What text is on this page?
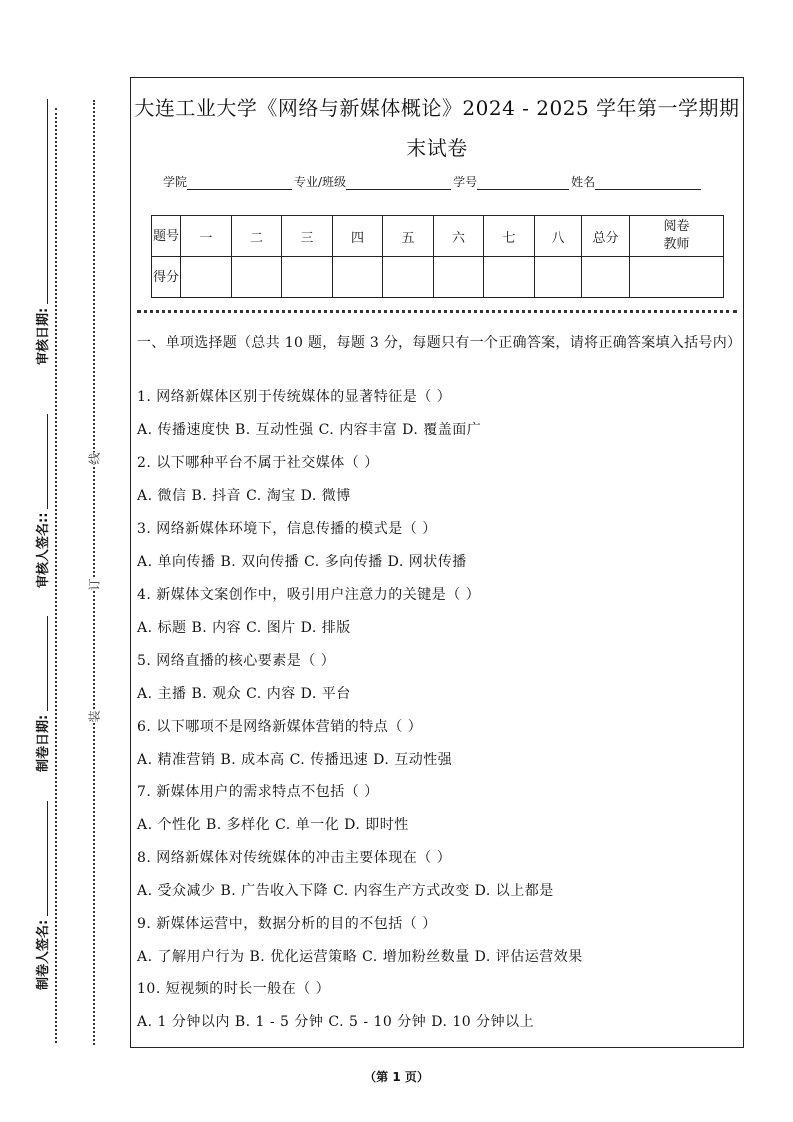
审核日期:
审核人签名::
制卷日期:
制卷人签名:
线
订
装
大连工业大学《网络与新媒体概论》2024 - 2025 学年第一学期期
末试卷
学院	专业/班级	学号	姓名
题号	一	二	三	四	五	六	七	八	总分	阅卷教师
得分										
一、单项选择题（总共 10 题，每题 3 分，每题只有一个正确答案，请将正确答案填入括号内）
1. 网络新媒体区别于传统媒体的显著特征是（ ）
A. 传播速度快 B. 互动性强 C. 内容丰富 D. 覆盖面广
2. 以下哪种平台不属于社交媒体（ ）
A. 微信 B. 抖音 C. 淘宝 D. 微博
3. 网络新媒体环境下，信息传播的模式是（ ）
A. 单向传播 B. 双向传播 C. 多向传播 D. 网状传播
4. 新媒体文案创作中，吸引用户注意力的关键是（ ）
A. 标题 B. 内容 C. 图片 D. 排版
5. 网络直播的核心要素是（ ）
A. 主播 B. 观众 C. 内容 D. 平台
6. 以下哪项不是网络新媒体营销的特点（ ）
A. 精准营销 B. 成本高 C. 传播迅速 D. 互动性强
7. 新媒体用户的需求特点不包括（ ）
A. 个性化 B. 多样化 C. 单一化 D. 即时性
8. 网络新媒体对传统媒体的冲击主要体现在（ ）
A. 受众减少 B. 广告收入下降 C. 内容生产方式改变 D. 以上都是
9. 新媒体运营中，数据分析的目的不包括（ ）
A. 了解用户行为 B. 优化运营策略 C. 增加粉丝数量 D. 评估运营效果
10. 短视频的时长一般在（ ）
A. 1 分钟以内 B. 1 - 5 分钟 C. 5 - 10 分钟 D. 10 分钟以上
（第 1 页）
